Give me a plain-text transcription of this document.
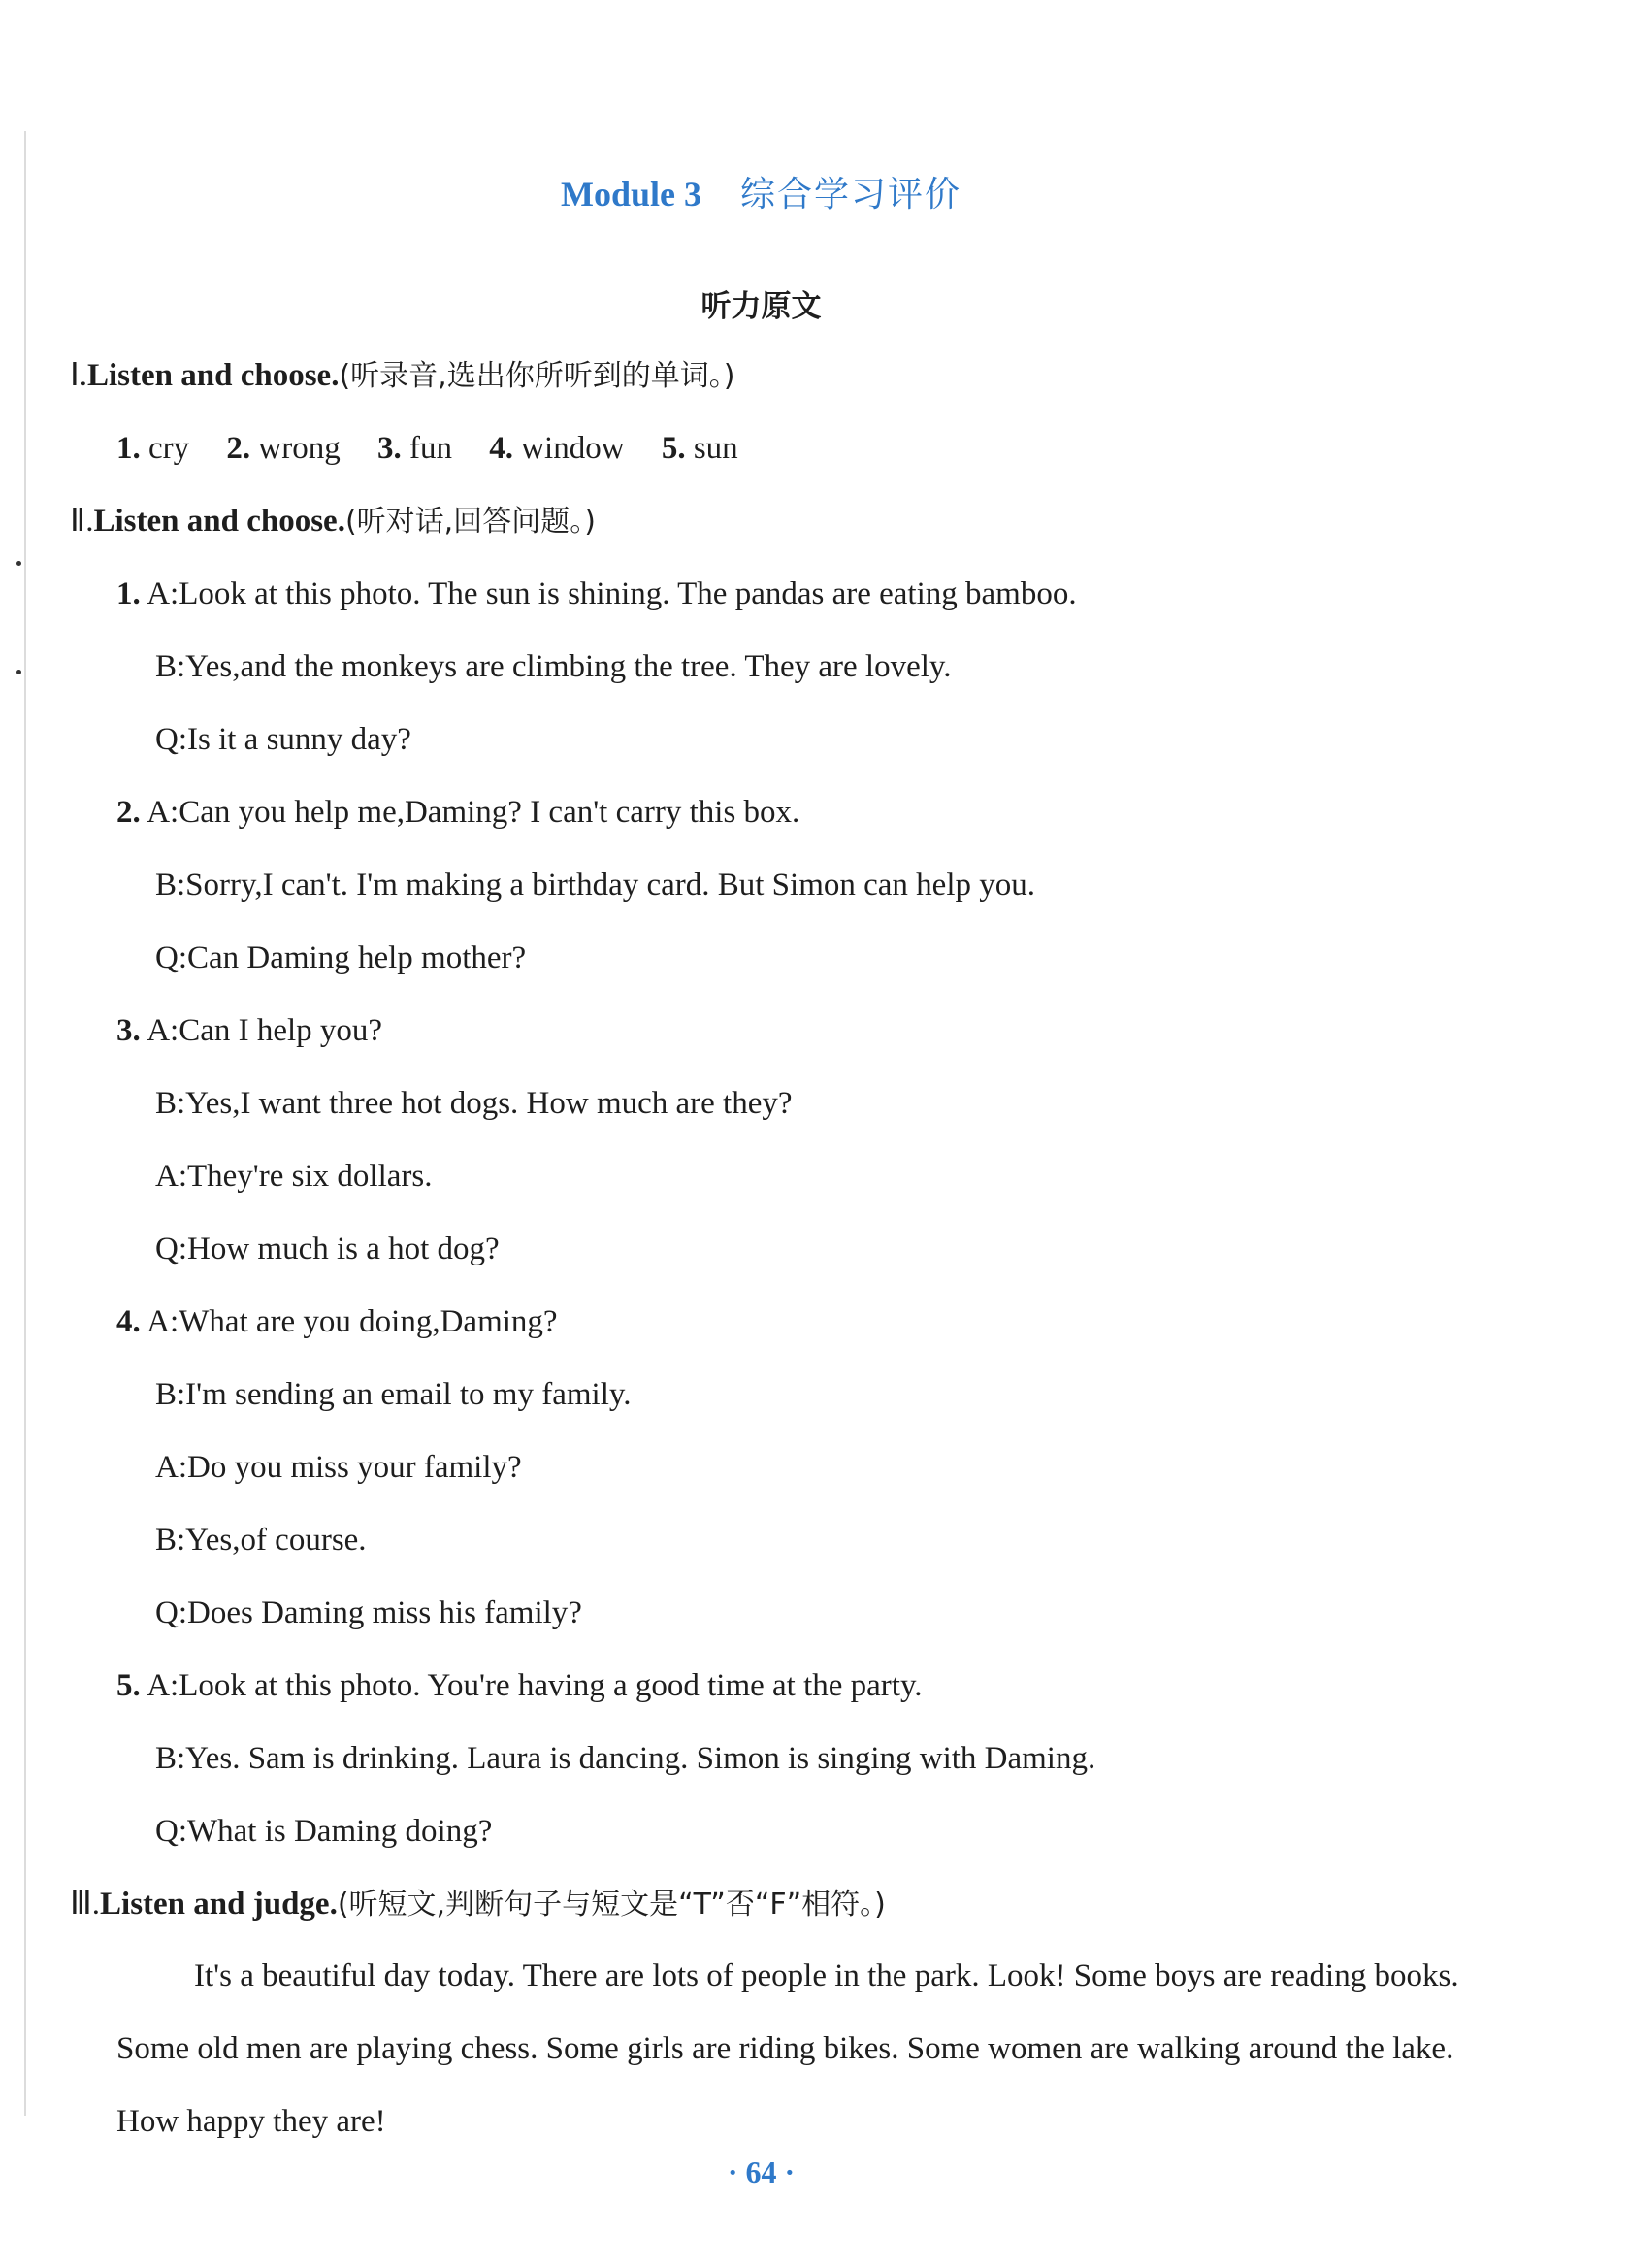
Module 3 综合学习评价
听力原文
Ⅰ.Listen and choose.(听录音,选出你所听到的单词。)
1. cry 2. wrong 3. fun 4. window 5. sun
Ⅱ.Listen and choose.(听对话,回答问题。)
1. A:Look at this photo. The sun is shining. The pandas are eating bamboo.
B:Yes,and the monkeys are climbing the tree. They are lovely.
Q:Is it a sunny day?
2. A:Can you help me,Daming? I can't carry this box.
B:Sorry,I can't. I'm making a birthday card. But Simon can help you.
Q:Can Daming help mother?
3. A:Can I help you?
B:Yes,I want three hot dogs. How much are they?
A:They're six dollars.
Q:How much is a hot dog?
4. A:What are you doing,Daming?
B:I'm sending an email to my family.
A:Do you miss your family?
B:Yes,of course.
Q:Does Daming miss his family?
5. A:Look at this photo. You're having a good time at the party.
B:Yes. Sam is drinking. Laura is dancing. Simon is singing with Daming.
Q:What is Daming doing?
Ⅲ.Listen and judge.(听短文,判断句子与短文是“T”否“F”相符。)
It's a beautiful day today. There are lots of people in the park. Look! Some boys are reading books. Some old men are playing chess. Some girls are riding bikes. Some women are walking around the lake. How happy they are!
· 64 ·
